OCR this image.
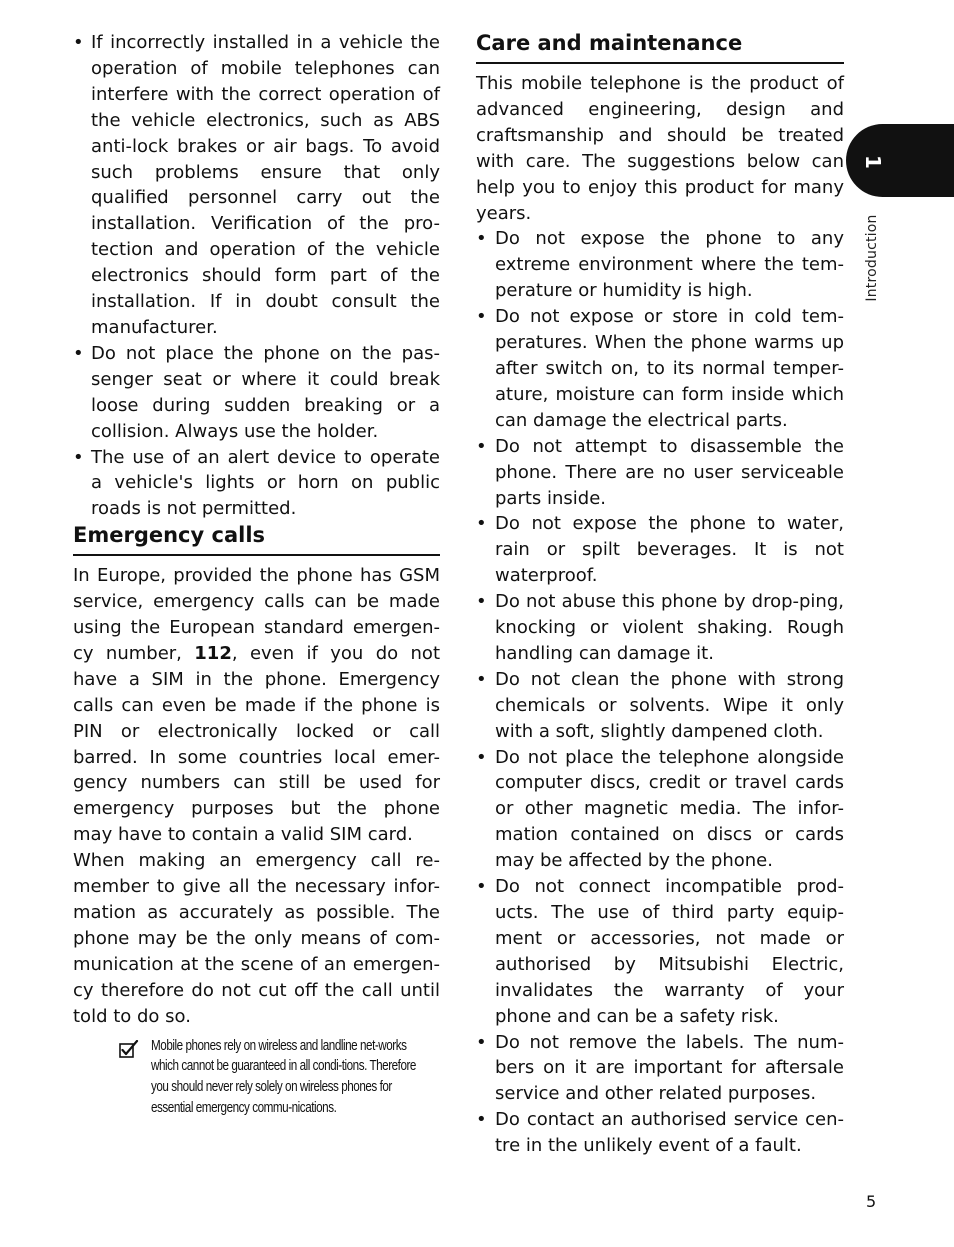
• If incorrectly installed in a vehicle the operation of mobile telephones can interfere with the correct operation of the vehicle electronics, such as ABS anti-lock brakes or air bags. To avoid such problems ensure that only qualified personnel carry out the installation. Verification of the pro-tection and operation of the vehicle electronics should form part of the installation. If in doubt consult the manufacturer.
• Do not place the phone on the pas-senger seat or where it could break loose during sudden breaking or a collision. Always use the holder.
• The use of an alert device to operate a vehicle's lights or horn on public roads is not permitted.
Emergency calls

In Europe, provided the phone has GSM service, emergency calls can be made using the European standard emergen-cy number, 112, even if you do not have a SIM in the phone. Emergency calls can even be made if the phone is PIN or electronically locked or call barred. In some countries local emer-gency numbers can still be used for emergency purposes but the phone may have to contain a valid SIM card.

When making an emergency call re-member to give all the necessary infor-mation as accurately as possible. The phone may be the only means of com-munication at the scene of an emergen-cy therefore do not cut off the call until told to do so.

Mobile phones rely on wireless and landline net-works which cannot be guaranteed in all condi-tions. Therefore you should never rely solely on wireless phones for essential emergency commu-nications.
Care and maintenance

This mobile telephone is the product of advanced engineering, design and craftsmanship and should be treated with care. The suggestions below can help you to enjoy this product for many years.

• Do not expose the phone to any extreme environment where the tem-perature or humidity is high.
• Do not expose or store in cold tem-peratures. When the phone warms up after switch on, to its normal temper-ature, moisture can form inside which can damage the electrical parts.
• Do not attempt to disassemble the phone. There are no user serviceable parts inside.
• Do not expose the phone to water, rain or spilt beverages. It is not waterproof.
• Do not abuse this phone by drop-ping, knocking or violent shaking. Rough handling can damage it.
• Do not clean the phone with strong chemicals or solvents. Wipe it only with a soft, slightly dampened cloth.
• Do not place the telephone alongside computer discs, credit or travel cards or other magnetic media. The infor-mation contained on discs or cards may be affected by the phone.
• Do not connect incompatible prod-ucts. The use of third party equip-ment or accessories, not made or authorised by Mitsubishi Electric, invalidates the warranty of your phone and can be a safety risk.
• Do not remove the labels. The num-bers on it are important for aftersale service and other related purposes.
• Do contact an authorised service cen-tre in the unlikely event of a fault.
1
Introduction
5
